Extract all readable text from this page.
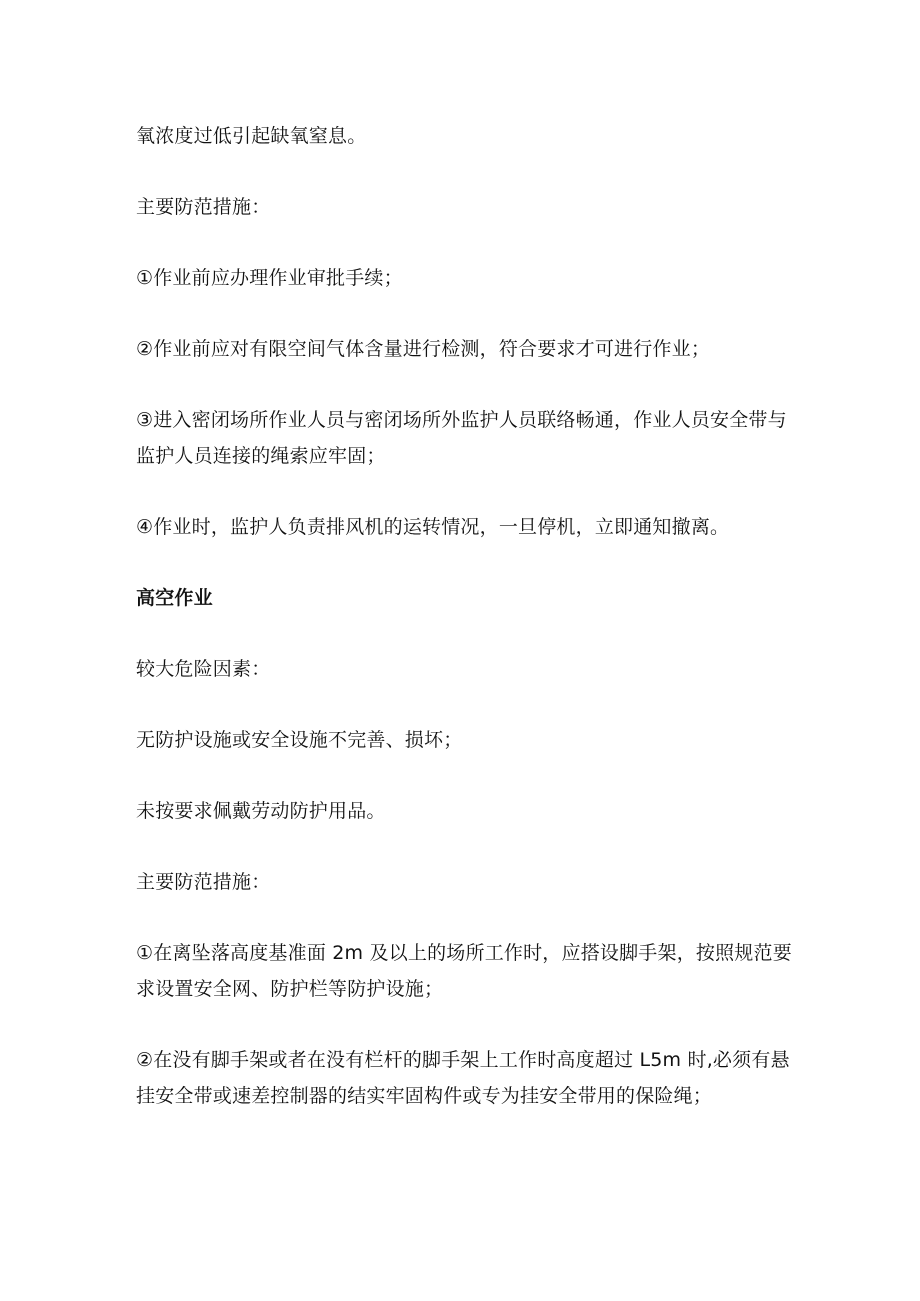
氧浓度过低引起缺氧窒息。

主要防范措施：

①作业前应办理作业审批手续；

②作业前应对有限空间气体含量进行检测，符合要求才可进行作业；

③进入密闭场所作业人员与密闭场所外监护人员联络畅通，作业人员安全带与监护人员连接的绳索应牢固；

④作业时，监护人负责排风机的运转情况，一旦停机，立即通知撤离。

高空作业

较大危险因素：

无防护设施或安全设施不完善、损坏；

未按要求佩戴劳动防护用品。

主要防范措施：

①在离坠落高度基准面 2m 及以上的场所工作时，应搭设脚手架，按照规范要求设置安全网、防护栏等防护设施；

②在没有脚手架或者在没有栏杆的脚手架上工作时高度超过 L5m 时,必须有悬挂安全带或速差控制器的结实牢固构件或专为挂安全带用的保险绳；
